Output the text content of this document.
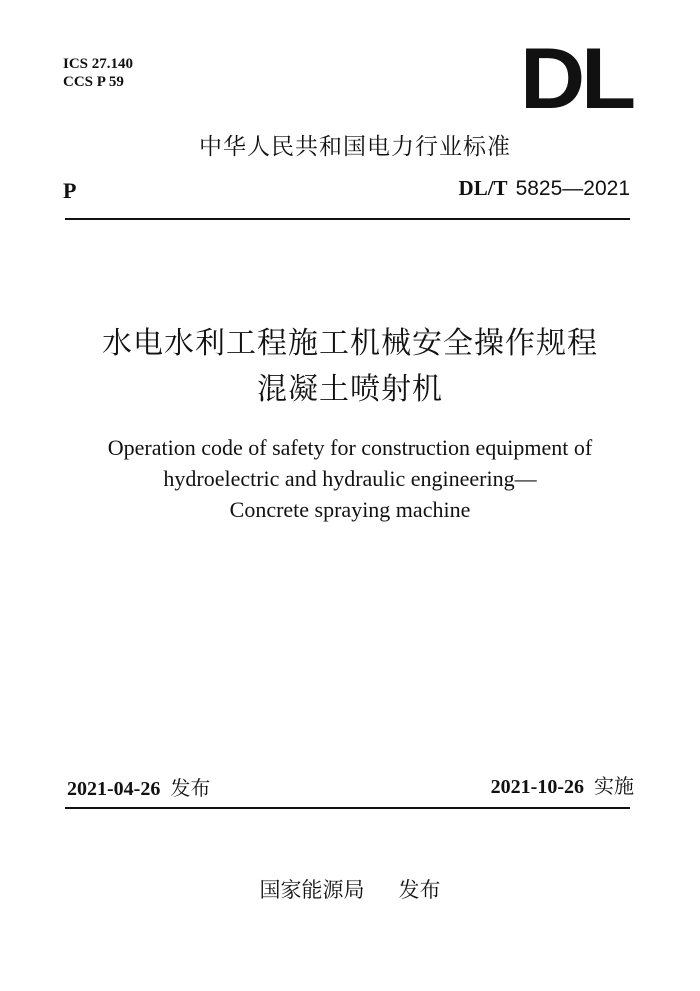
ICS 27.140
CCS P 59	DL
中华人民共和国电力行业标准
P	DL/T 5825—2021
水电水利工程施工机械安全操作规程
混凝土喷射机
Operation code of safety for construction equipment of
hydroelectric and hydraulic engineering—
Concrete spraying machine
2021-04-26 发布	2021-10-26 实施
国家能源局 发布
